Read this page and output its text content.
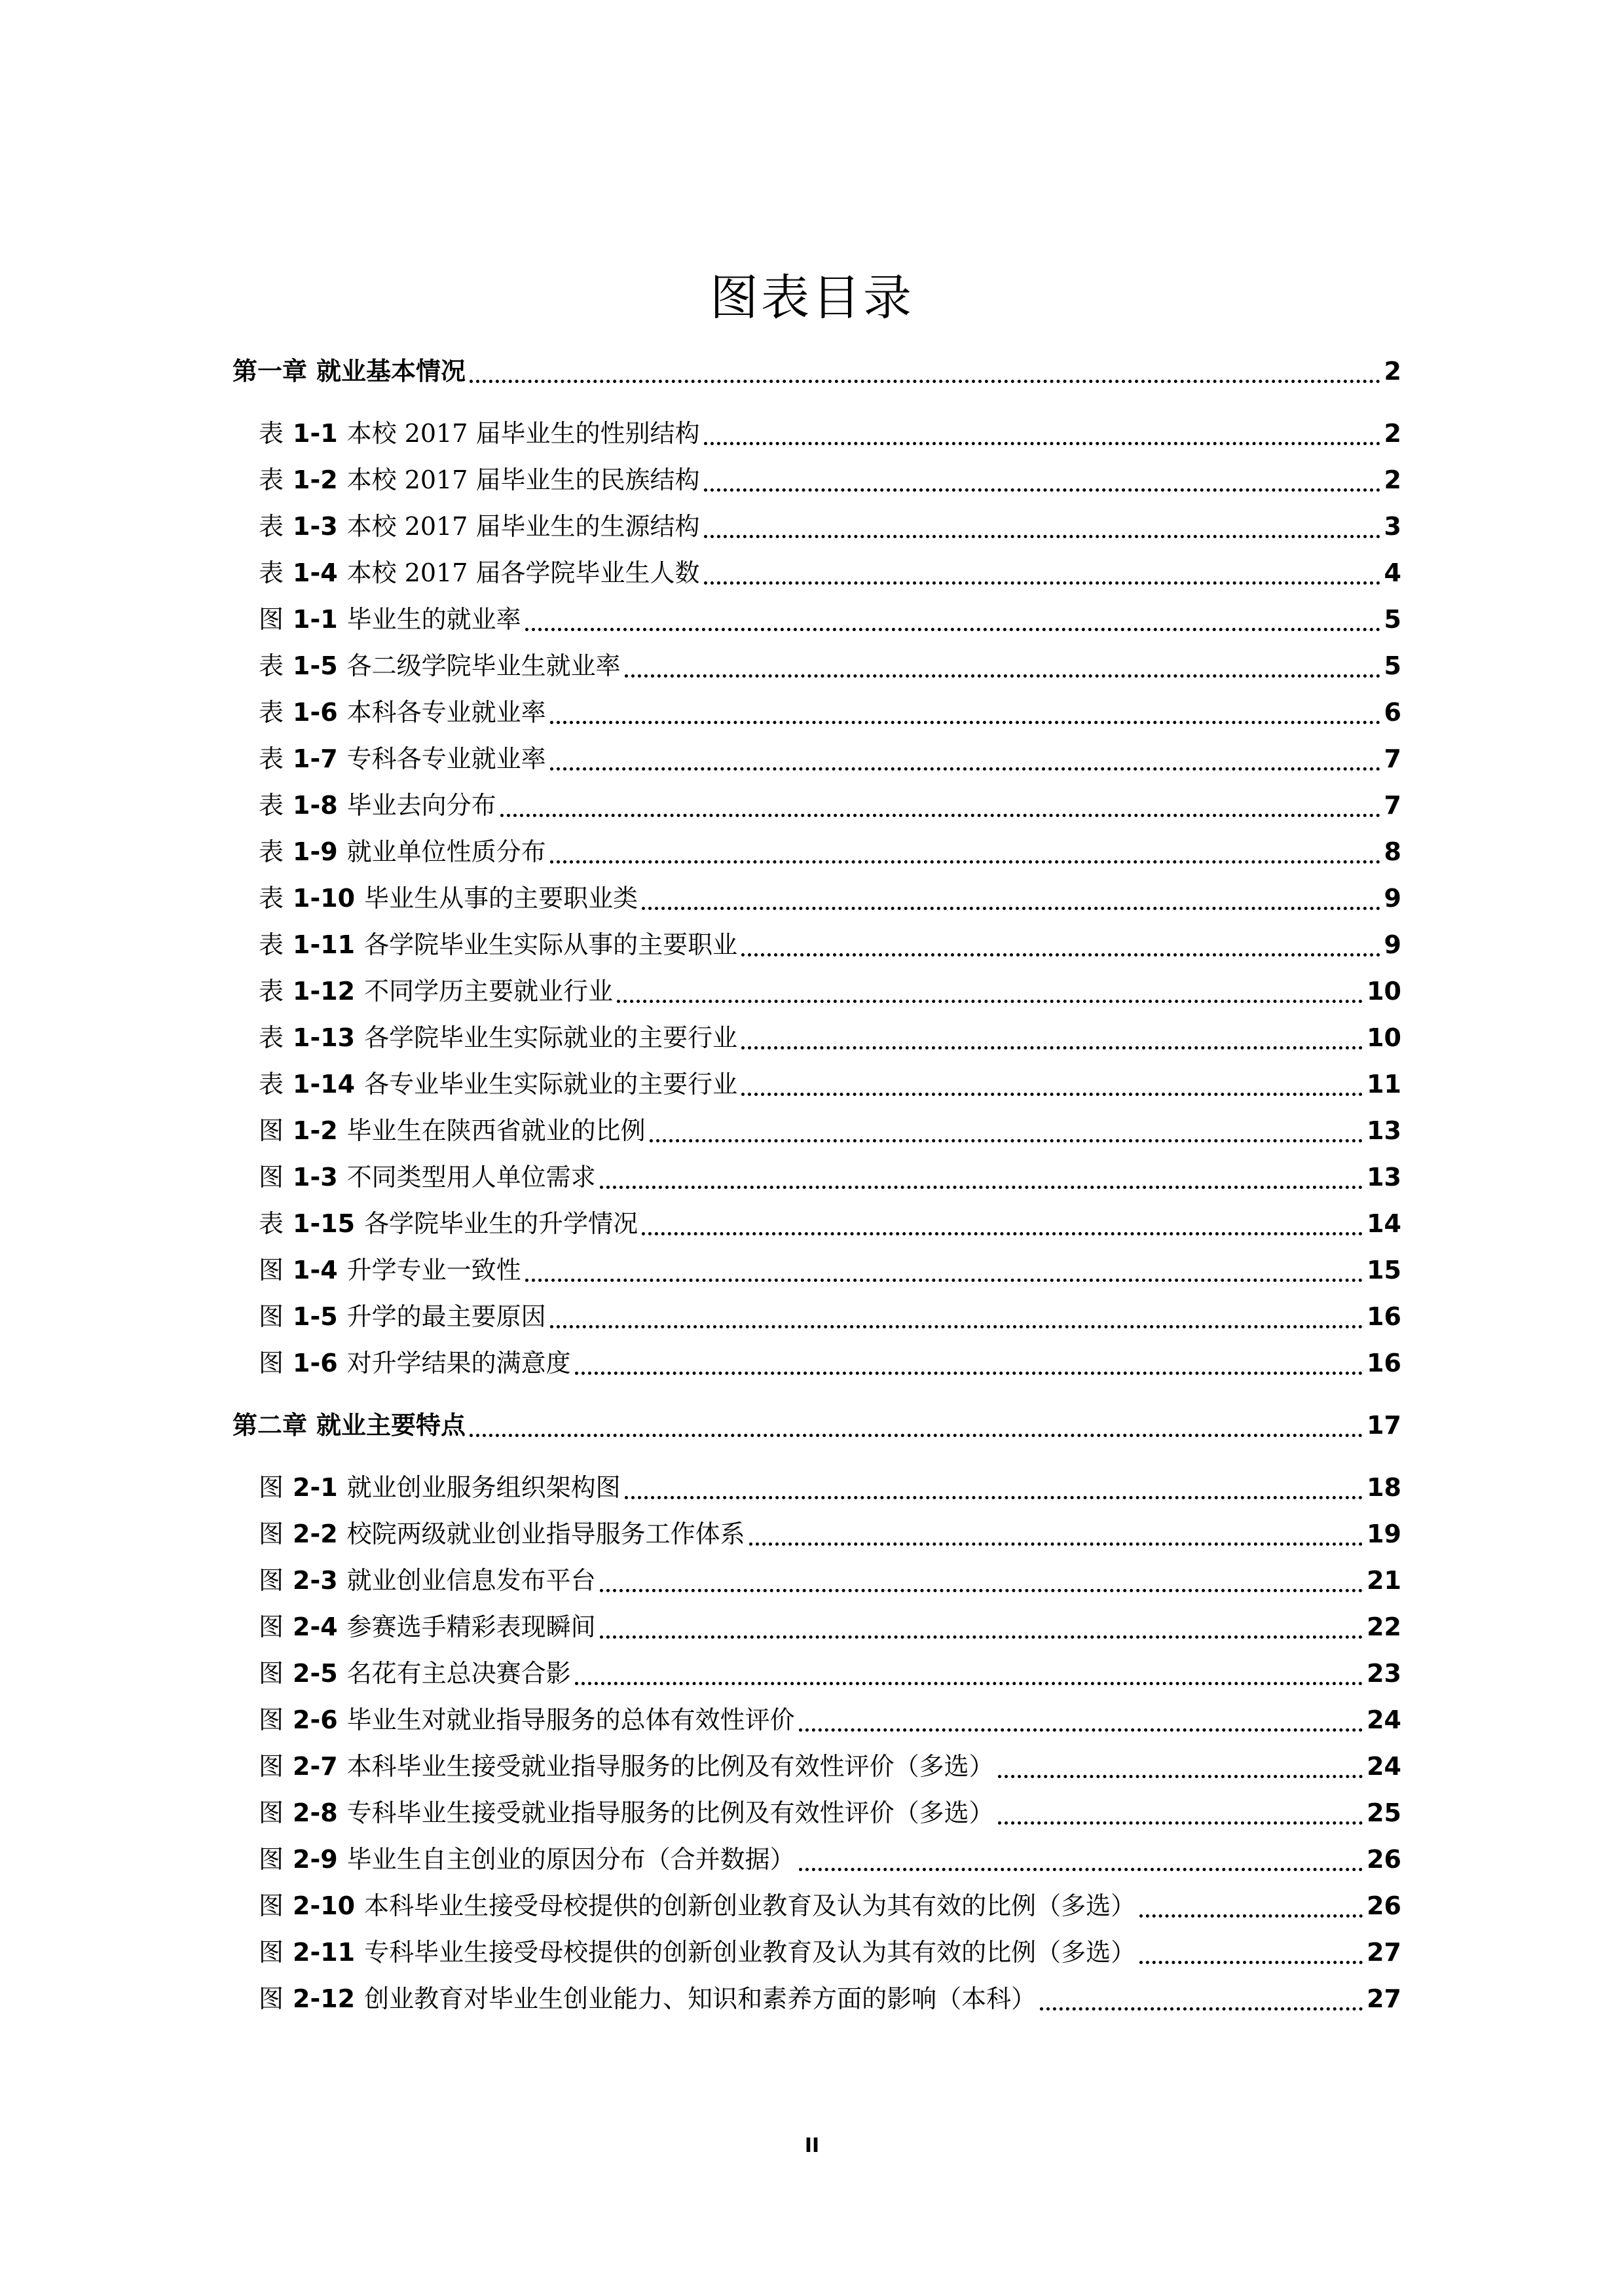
图表目录
第一章 就业基本情况	2
表 1-1 本校 2017 届毕业生的性别结构	2
表 1-2 本校 2017 届毕业生的民族结构	2
表 1-3 本校 2017 届毕业生的生源结构	3
表 1-4 本校 2017 届各学院毕业生人数	4
图 1-1 毕业生的就业率	5
表 1-5 各二级学院毕业生就业率	5
表 1-6 本科各专业就业率	6
表 1-7 专科各专业就业率	7
表 1-8 毕业去向分布	7
表 1-9 就业单位性质分布	8
表 1-10 毕业生从事的主要职业类	9
表 1-11 各学院毕业生实际从事的主要职业	9
表 1-12 不同学历主要就业行业	10
表 1-13 各学院毕业生实际就业的主要行业	10
表 1-14 各专业毕业生实际就业的主要行业	11
图 1-2 毕业生在陕西省就业的比例	13
图 1-3 不同类型用人单位需求	13
表 1-15 各学院毕业生的升学情况	14
图 1-4 升学专业一致性	15
图 1-5 升学的最主要原因	16
图 1-6 对升学结果的满意度	16
第二章 就业主要特点	17
图 2-1 就业创业服务组织架构图	18
图 2-2 校院两级就业创业指导服务工作体系	19
图 2-3 就业创业信息发布平台	21
图 2-4 参赛选手精彩表现瞬间	22
图 2-5 名花有主总决赛合影	23
图 2-6 毕业生对就业指导服务的总体有效性评价	24
图 2-7 本科毕业生接受就业指导服务的比例及有效性评价（多选）	24
图 2-8 专科毕业生接受就业指导服务的比例及有效性评价（多选）	25
图 2-9 毕业生自主创业的原因分布（合并数据）	26
图 2-10 本科毕业生接受母校提供的创新创业教育及认为其有效的比例（多选）	26
图 2-11 专科毕业生接受母校提供的创新创业教育及认为其有效的比例（多选）	27
图 2-12 创业教育对毕业生创业能力、知识和素养方面的影响（本科）	27
II
